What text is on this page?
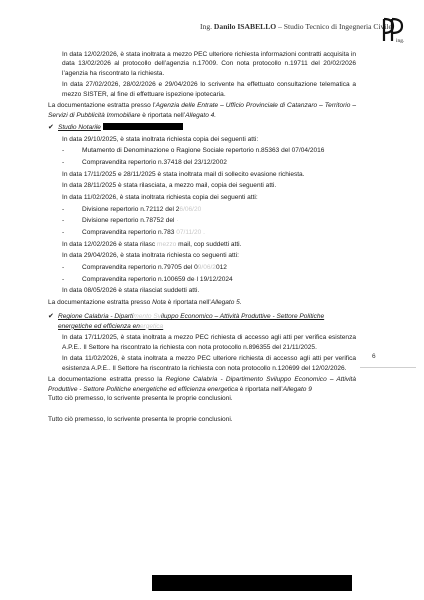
Ing. Danilo ISABELLO – Studio Tecnico di Ingegneria Civile
ing.
In data 12/02/2026, è stata inoltrata a mezzo PEC ulteriore richiesta informazioni contratti acquisita in data 13/02/2026 al protocollo dell’agenzia n.17009. Con nota protocollo n.19711 del 20/02/2026 l’agenzia ha riscontrato la richiesta.
In data 27/02/2026, 28/02/2026 e 29/04/2026 lo scrivente ha effettuato consultazione telematica a mezzo SISTER, al fine di effettuare ispezione ipotecaria.
La documentazione estratta presso l’Agenzia delle Entrate – Ufficio Provinciale di Catanzaro – Territorio – Servizi di Pubblicità Immobiliare è riportata nell’Allegato 4.
✔ Studio Notarile
In data 29/10/2025, è stata inoltrata richiesta copia dei seguenti atti:
-	Mutamento di Denominazione o Ragione Sociale repertorio n.85363 del 07/04/2016
-	Compravendita repertorio n.37418 del 23/12/2002
In data 17/11/2025 e 28/11/2025 è stata inoltrata mail di sollecito evasione richiesta.
In data 28/11/2025 è stata rilasciata, a mezzo mail, copia dei seguenti atti.
In data 11/02/2026, è stata inoltrata richiesta copia dei seguenti atti:
-	Divisione repertorio n.72112 del 26/06/20
-	Divisione repertorio n.78752 del ·
-	Compravendita repertorio n.783 07/11/20 .
In data 12/02/2026 è stata rilasc mezzo mail, cop suddetti atti.
In data 29/04/2026, è stata inoltrata richiesta co seguenti atti:
-	Compravendita repertorio n.79705 del 09/06/2012
-	Compravendita repertorio n.100659 de·l 19/12/2024
In data 08/05/2026 è stata rilasciat suddetti atti.
La documentazione estratta presso Nota è riportata nell’Allegato 5.
✔ Regione Calabria - Dipartimento Sviluppo Economico – Attività Produttive - Settore Politiche energetiche ed efficienza energetica
In data 17/11/2025, è stata inoltrata a mezzo PEC richiesta di accesso agli atti per verifica esistenza A.P.E.. Il Settore ha riscontrato la richiesta con nota protocollo n.896355 del 21/11/2025.
In data 11/02/2026, è stata inoltrata a mezzo PEC ulteriore richiesta di accesso agli atti per verifica esistenza A.P.E.. Il Settore ha riscontrato la richiesta con nota protocollo n.120699 del 12/02/2026.
La documentazione estratta presso la Regione Calabria - Dipartimento Sviluppo Economico – Attività Produttive - Settore Politiche energetiche ed efficienza energetica è riportata nell’Allegato 9
Tutto ciò premesso, lo scrivente presenta le proprie conclusioni.
Tutto ciò premesso, lo scrivente presenta le proprie conclusioni.
6
